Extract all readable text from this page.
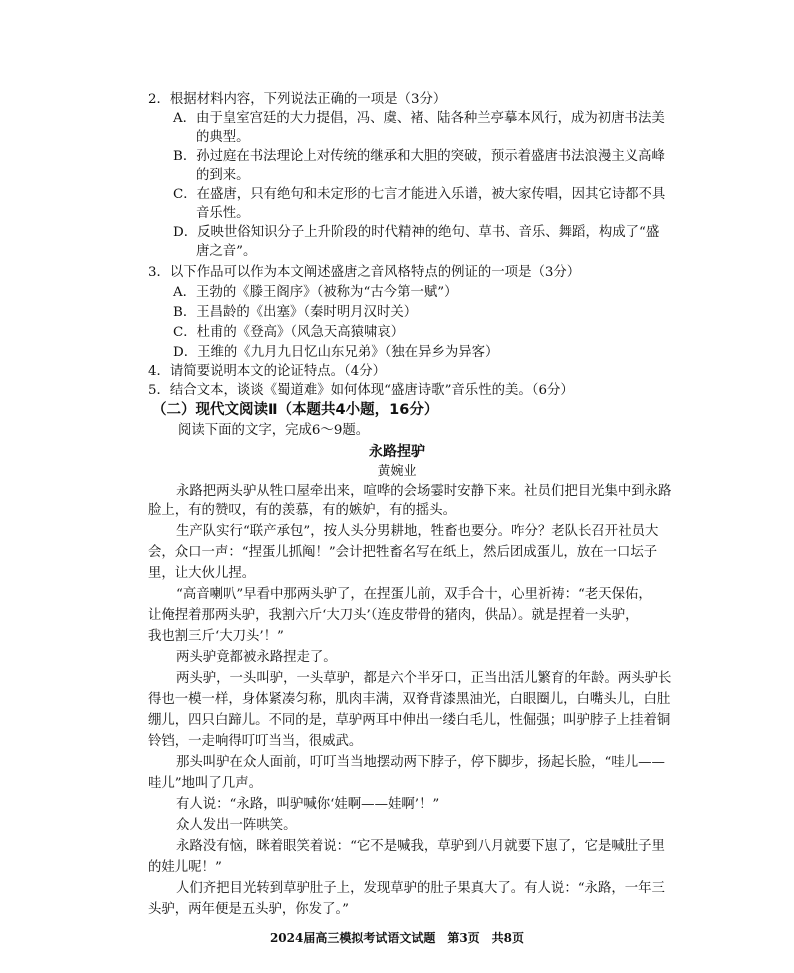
2．根据材料内容，下列说法正确的一项是（3分）
A．由于皇室宫廷的大力提倡，冯、虞、褚、陆各种兰亭摹本风行，成为初唐书法美
的典型。
B．孙过庭在书法理论上对传统的继承和大胆的突破，预示着盛唐书法浪漫主义高峰
的到来。
C．在盛唐，只有绝句和未定形的七言才能进入乐谱，被大家传唱，因其它诗都不具
音乐性。
D．反映世俗知识分子上升阶段的时代精神的绝句、草书、音乐、舞蹈，构成了“盛
唐之音”。
3．以下作品可以作为本文阐述盛唐之音风格特点的例证的一项是（3分）
A．王勃的《滕王阁序》（被称为“古今第一赋”）
B．王昌龄的《出塞》（秦时明月汉时关）
C．杜甫的《登高》（风急天高猿啸哀）
D．王维的《九月九日忆山东兄弟》（独在异乡为异客）
4．请简要说明本文的论证特点。（4分）
5．结合文本，谈谈《蜀道难》如何体现“盛唐诗歌”音乐性的美。（6分）
（二）现代文阅读Ⅱ（本题共4小题，16分）
阅读下面的文字，完成6～9题。
永路捏驴
黄婉业
永路把两头驴从牲口屋牵出来，喧哗的会场霎时安静下来。社员们把目光集中到永路
脸上，有的赞叹，有的羡慕，有的嫉妒，有的摇头。
生产队实行“联产承包”，按人头分男耕地，牲畜也要分。咋分？老队长召开社员大
会，众口一声：“捏蛋儿抓阄！”会计把牲畜名写在纸上，然后团成蛋儿，放在一口坛子
里，让大伙儿捏。
“高音喇叭”早看中那两头驴了，在捏蛋儿前，双手合十，心里祈祷：“老天保佑，
让俺捏着那两头驴，我割六斤‘大刀头’（连皮带骨的猪肉，供品）。就是捏着一头驴，
我也割三斤‘大刀头’！”
两头驴竟都被永路捏走了。
两头驴，一头叫驴，一头草驴，都是六个半牙口，正当出活儿繁育的年龄。两头驴长
得也一模一样，身体紧凑匀称，肌肉丰满，双脊背漆黑油光，白眼圈儿，白嘴头儿，白肚
绷儿，四只白蹄儿。不同的是，草驴两耳中伸出一缕白毛儿，性倔强；叫驴脖子上挂着铜
铃铛，一走响得叮叮当当，很威武。
那头叫驴在众人面前，叮叮当当地摆动两下脖子，停下脚步，扬起长脸，“哇儿——
哇儿”地叫了几声。
有人说：“永路，叫驴喊你‘娃啊——娃啊’！”
众人发出一阵哄笑。
永路没有恼，眯着眼笑着说：“它不是喊我，草驴到八月就要下崽了，它是喊肚子里
的娃儿呢！”
人们齐把目光转到草驴肚子上，发现草驴的肚子果真大了。有人说：“永路，一年三
头驴，两年便是五头驴，你发了。”
2024届高三模拟考试语文试题　第3页　共8页
